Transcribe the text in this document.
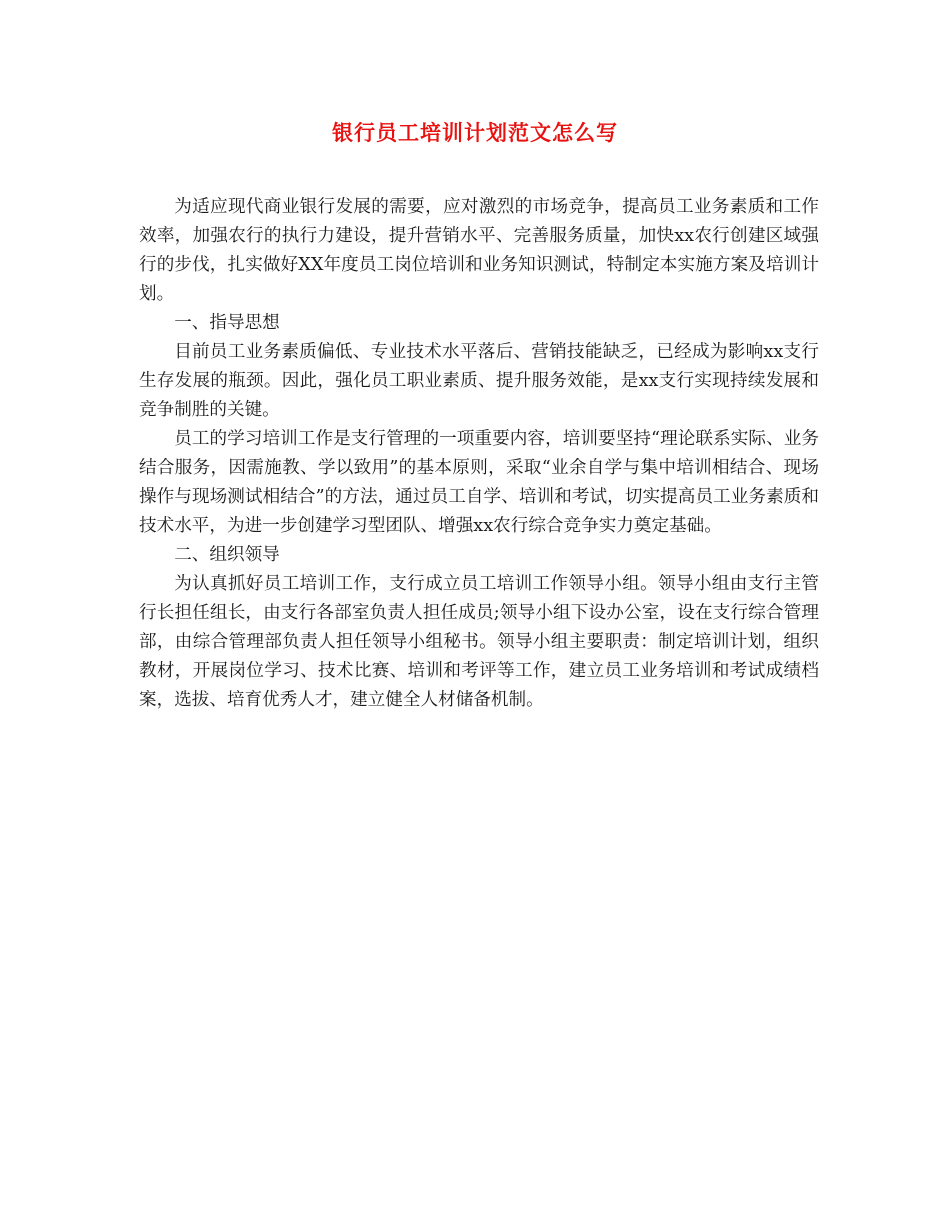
银行员工培训计划范文怎么写

为适应现代商业银行发展的需要，应对激烈的市场竞争，提高员工业务素质和工作效率，加强农行的执行力建设，提升营销水平、完善服务质量，加快xx农行创建区域强行的步伐，扎实做好XX年度员工岗位培训和业务知识测试，特制定本实施方案及培训计划。

一、指导思想

目前员工业务素质偏低、专业技术水平落后、营销技能缺乏，已经成为影响xx支行生存发展的瓶颈。因此，强化员工职业素质、提升服务效能，是xx支行实现持续发展和竞争制胜的关键。

员工的学习培训工作是支行管理的一项重要内容，培训要坚持“理论联系实际、业务结合服务，因需施教、学以致用”的基本原则，采取“业余自学与集中培训相结合、现场操作与现场测试相结合”的方法，通过员工自学、培训和考试，切实提高员工业务素质和技术水平，为进一步创建学习型团队、增强xx农行综合竞争实力奠定基础。

二、组织领导

为认真抓好员工培训工作，支行成立员工培训工作领导小组。领导小组由支行主管行长担任组长，由支行各部室负责人担任成员;领导小组下设办公室，设在支行综合管理部，由综合管理部负责人担任领导小组秘书。领导小组主要职责：制定培训计划，组织教材，开展岗位学习、技术比赛、培训和考评等工作，建立员工业务培训和考试成绩档案，选拔、培育优秀人才，建立健全人材储备机制。
